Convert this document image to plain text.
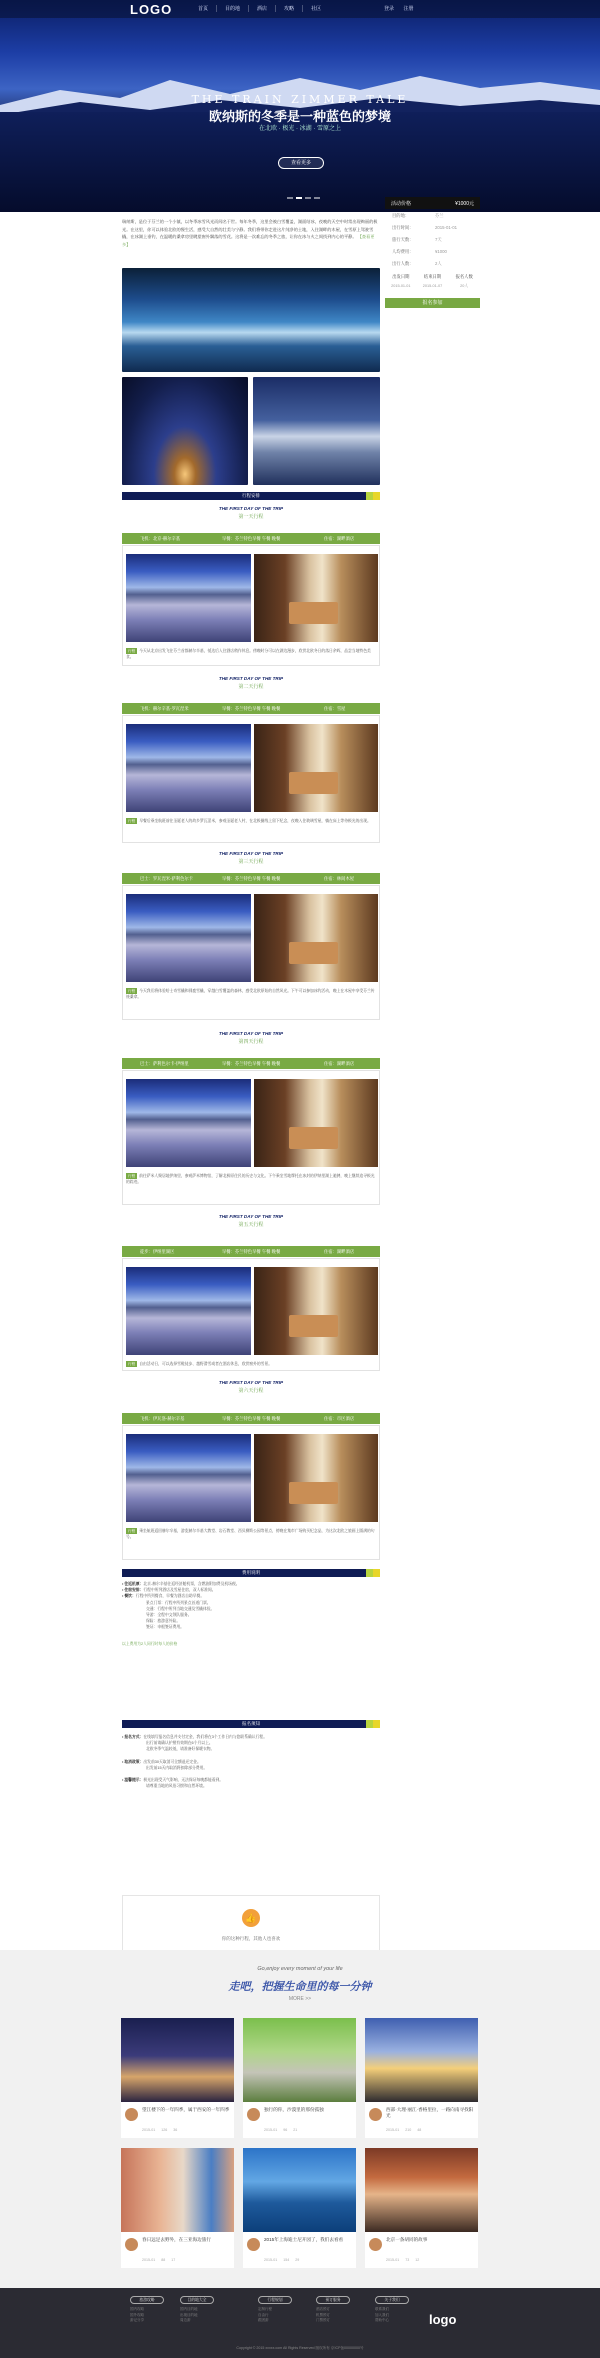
LOGO	首页	目的地	酒店	攻略	社区	登录 注册
THE TRAIN ZIMMER TALE
欧纳斯的冬季是一种蓝色的梦境
在北欧 · 极光 · 冰湖 · 雪原之上
查看更多
活动价格	¥1000元
瑞纳斯，是位于芬兰的一个小镇，以冬季冰雪风光而闻名于世。每年冬季，这里会被白雪覆盖，湖面结冰，夜晚的天空中时常出现绚丽的极光。在这里，你可以体验北欧的慢生活，感受大自然的壮美与宁静。我们将带你走进这片纯净的土地，入住湖畔的木屋，在雪原上驾驶雪橇，在冰湖上垂钓，在温暖的桑拿房里眺望窗外飘落的雪花。这将是一次难忘的冬季之旅，让你在冰与火之间找到内心的平静。 【查看更多】
目的地：	芬兰
出行时间：	2015-01-01
旅行天数：	7天
人均费用：	¥1000
出行人数：	2人
出发日期	结束日期	报名人数
2015-01-01	2015-01-07	20人
报名参加
行程安排
THE FIRST DAY OF THE TRIP
第一天行程
飞机：北京-赫尔辛基	早餐：芬兰特色早餐 午餐 晚餐	住宿：湖畔酒店
行程 今天从北京出发飞往芬兰首都赫尔辛基，抵达后入住酒店稍作休息。傍晚时分可以在湖边漫步，欣赏北欧冬日的落日余晖，品尝当地特色美食。
THE FIRST DAY OF THE TRIP
第二天行程
飞机：赫尔辛基-罗瓦涅米	早餐：芬兰特色早餐 午餐 晚餐	住宿：雪屋
行程 早餐后乘坐航班前往圣诞老人的故乡罗瓦涅米，参观圣诞老人村，在北极圈线上留下纪念，夜晚入住玻璃雪屋，躺在床上等待极光的出现。
THE FIRST DAY OF THE TRIP
第三天行程
巴士：罗瓦涅米-萨利色尔卡	早餐：芬兰特色早餐 午餐 晚餐	住宿：林间木屋
行程 今天我们将体验哈士奇雪橇和驯鹿雪橇，穿越白雪覆盖的森林，感受北欧原始的自然风光。下午可以参加冰钓活动，晚上在木屋中享受芬兰传统桑拿。
THE FIRST DAY OF THE TRIP
第四天行程
巴士：萨利色尔卡-伊纳里	早餐：芬兰特色早餐 午餐 晚餐	住宿：湖畔酒店
行程 前往萨米人聚居地伊纳里，参观萨米博物馆，了解北极原住民的历史与文化。下午乘坐雪地摩托在冰封的伊纳里湖上驰骋，晚上继续追寻极光的踪迹。
THE FIRST DAY OF THE TRIP
第五天行程
徒步：伊纳里湖区	早餐：芬兰特色早餐 午餐 晚餐	住宿：湖畔酒店
行程 自由活动日，可以选择雪鞋徒步、越野滑雪或者在酒店休息，欣赏窗外的雪景。
THE FIRST DAY OF THE TRIP
第六天行程
飞机：伊瓦洛-赫尔辛基	早餐：芬兰特色早餐 午餐 晚餐	住宿：市区酒店
行程 乘坐航班返回赫尔辛基，游览赫尔辛基大教堂、岩石教堂、西贝柳斯公园等景点，傍晚在集市广场购买纪念品，为这次北欧之旅画上圆满的句号。
费用说明
• 往返机票：北京-赫尔辛基往返经济舱机票，含燃油附加费及机场税。
• 住宿安排：行程中所列酒店及雪屋住宿，双人标准间。
• 餐饮：行程中所列餐食，早餐为酒店自助早餐。
景点门票：行程中所列景点首道门票。
交通：行程中所列当地交通及雪橇体验。
导游：全程中文领队服务。
保险：旅游意外险。
签证：申根签证费用。
以上费用为2人同行时每人的价格
报名须知
• 报名方式：在线填写报名信息并支付定金，我们将在3个工作日内与您联系确认行程。
出行前请确认护照有效期在6个月以上。
北欧冬季气温较低，请准备好保暖衣物。
• 取消政策：出发前30天取消可全额退还定金。
出发前15天内取消将扣除部分费用。
• 温馨提示：极光出现受天气影响，无法保证每晚都能看到。
请尊重当地的风俗习惯和自然环境。
👍
你的这种行程，其他人也喜欢
Go,enjoy every moment of your life
走吧，把握生命里的每一分钟
MORE >>
望江楼下的一年四季，属于西安的一年四季
2015-01 126 36
独行的你，沙漠里的那份孤独
2015-01 96 21
西部·大理·丽江·香格里拉，一路向南寻找阳光
2015-01 210 48
春日远足去野外，在三亚海边旅行
2015-01 88 17
2015年上海迪士尼开园了，我们去看看
2015-01 154 29
北京一条胡同的故事
2015-01 73 12
旅游攻略
国内攻略
国外攻略
游记分享
目的地大全
国内目的地
出境目的地
周边游
行程规划
定制行程
自由行
跟团游
预订服务
酒店预订
机票预订
门票预订
关于我们
联系我们
加入我们
帮助中心	logo
Copyright © 2015 xxxxx.com All Rights Reserved 版权所有 京ICP备00000000号
